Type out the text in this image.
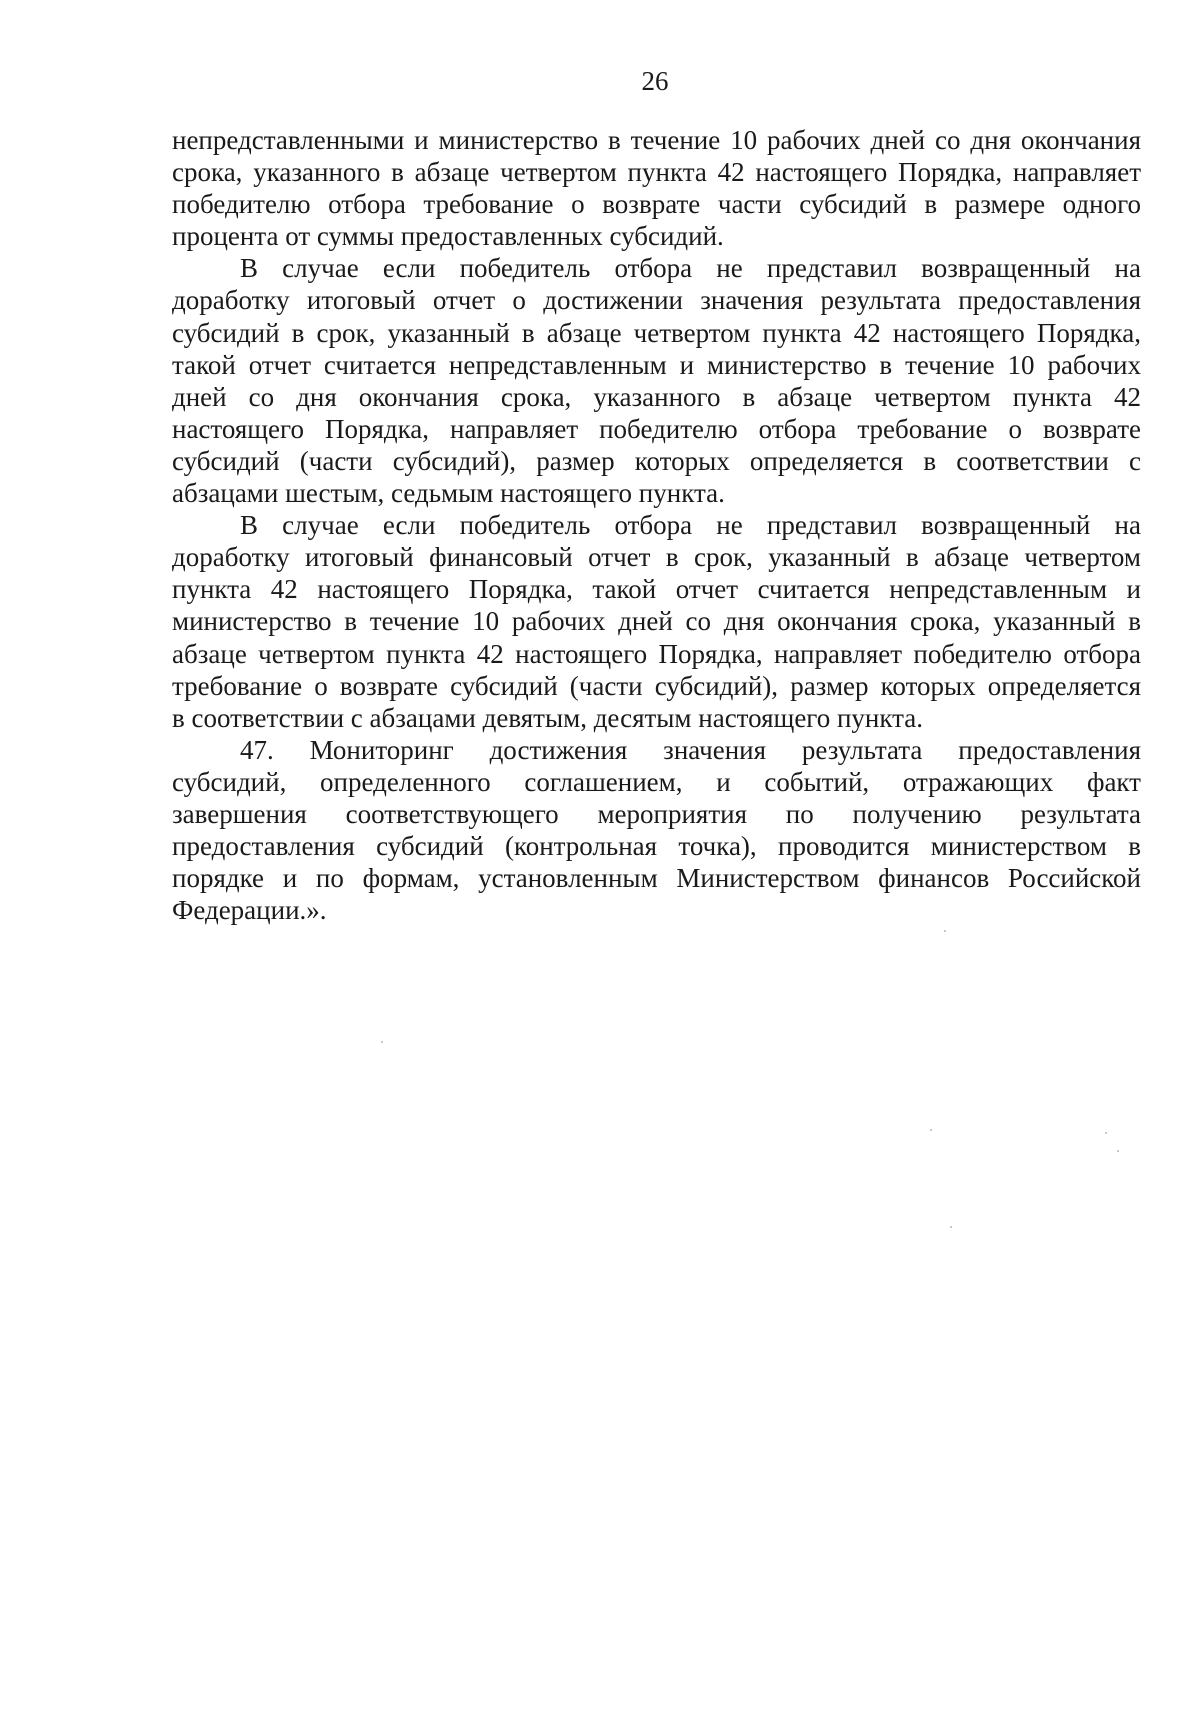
26

непредставленными и министерство в течение 10 рабочих дней со дня окончания
срока, указанного в абзаце четвертом пункта 42 настоящего Порядка, направляет
победителю отбора требование о возврате части субсидий в размере одного
процента от суммы предоставленных субсидий.

В случае если победитель отбора не представил возвращенный на
доработку итоговый отчет о достижении значения результата предоставления
субсидий в срок, указанный в абзаце четвертом пункта 42 настоящего Порядка,
такой отчет считается непредставленным и министерство в течение 10 рабочих
дней со дня окончания срока, указанного в абзаце четвертом пункта 42
настоящего Порядка, направляет победителю отбора требование о возврате
субсидий (части субсидий), размер которых определяется в соответствии с
абзацами шестым, седьмым настоящего пункта.

В случае если победитель отбора не представил возвращенный на
доработку итоговый финансовый отчет в срок, указанный в абзаце четвертом
пункта 42 настоящего Порядка, такой отчет считается непредставленным и
министерство в течение 10 рабочих дней со дня окончания срока, указанный в
абзаце четвертом пункта 42 настоящего Порядка, направляет победителю отбора
требование о возврате субсидий (части субсидий), размер которых определяется
в соответствии с абзацами девятым, десятым настоящего пункта.

47. Мониторинг достижения значения результата предоставления
субсидий, определенного соглашением, и событий, отражающих факт
завершения соответствующего мероприятия по получению результата
предоставления субсидий (контрольная точка), проводится министерством в
порядке и по формам, установленным Министерством финансов Российской
Федерации.».
